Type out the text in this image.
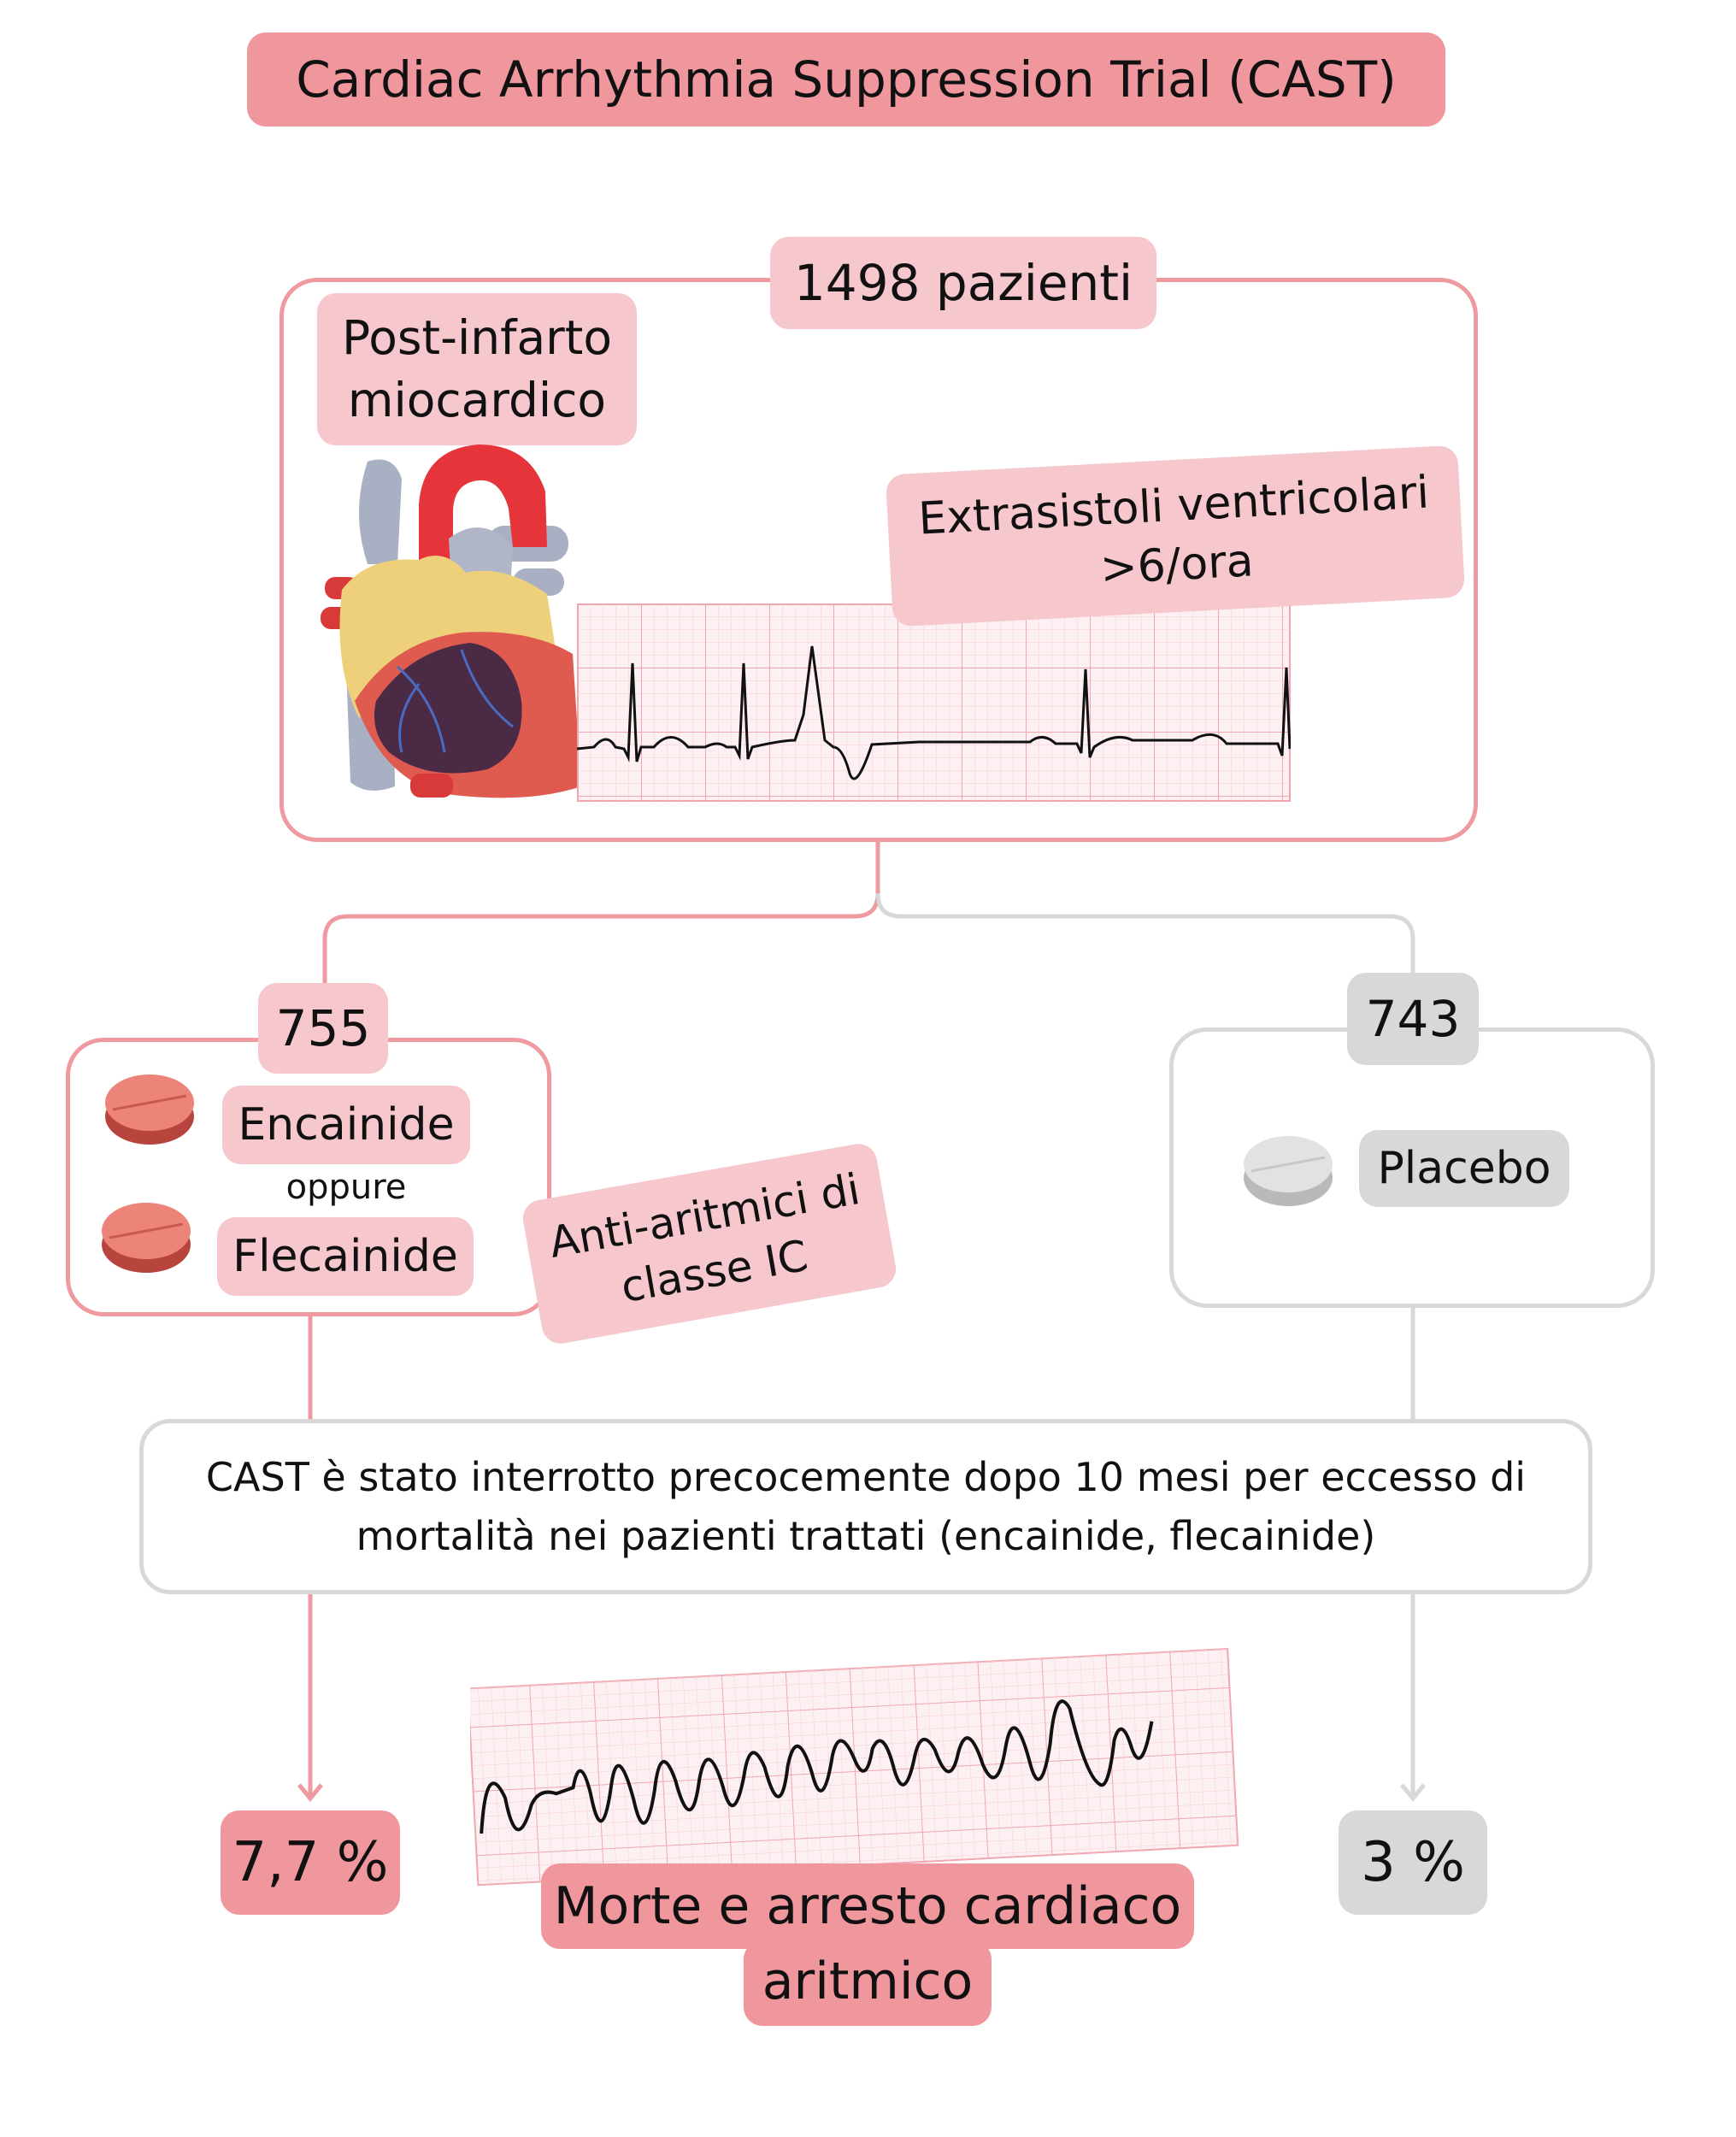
Cardiac Arrhythmia Suppression Trial (CAST)
1498 pazienti
Post-infarto miocardico
Extrasistoli ventricolari >6/ora
755
Encainide
oppure
Flecainide Anti-aritmici di classe IC
743
Placebo
CAST è stato interrotto precocemente dopo 10 mesi per eccesso di mortalità nei pazienti trattati (encainide, flecainide)
7,7 %	3 %
Morte e arresto cardiaco aritmico
